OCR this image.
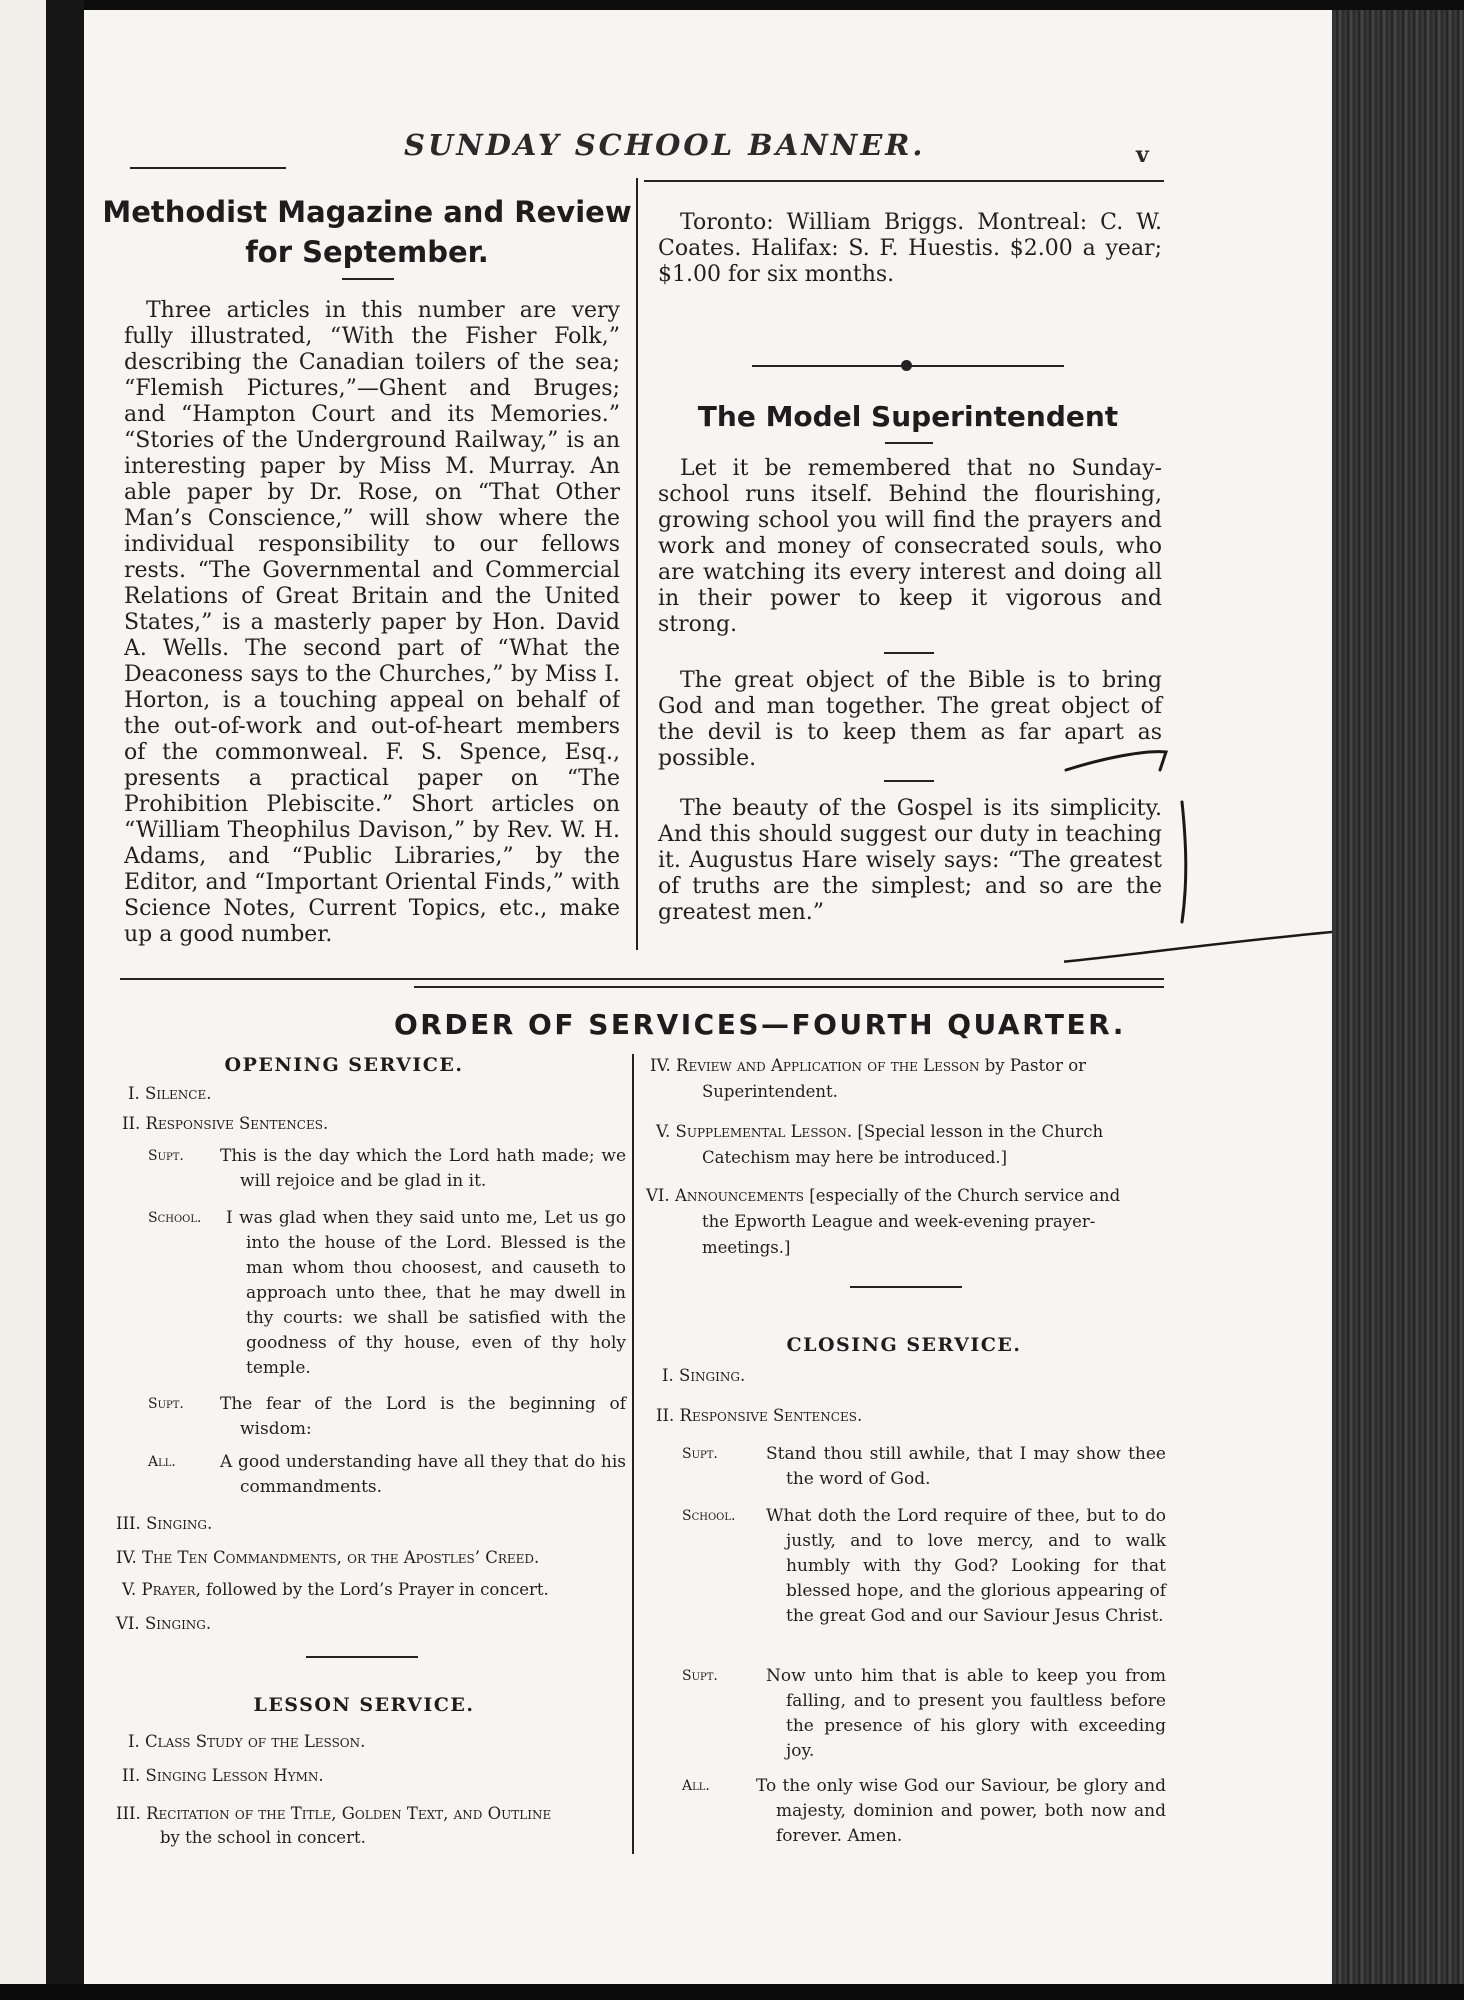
SUNDAY SCHOOL BANNER.	v
Methodist Magazine and Review
for September.

Three articles in this number are very fully illustrated, “With the Fisher Folk,” describing the Canadian toilers of the sea; “Flemish Pictures,”—Ghent and Bruges; and “Hampton Court and its Memories.” “Stories of the Underground Railway,” is an interesting paper by Miss M. Murray. An able paper by Dr. Rose, on “That Other Man’s Conscience,” will show where the individual responsibility to our fellows rests. “The Governmental and Commercial Relations of Great Britain and the United States,” is a masterly paper by Hon. David A. Wells. The second part of “What the Deaconess says to the Churches,” by Miss I. Horton, is a touching appeal on behalf of the out-of-work and out-of-heart members of the commonweal. F. S. Spence, Esq., presents a practical paper on “The Prohibition Plebiscite.” Short articles on “William Theophilus Davison,” by Rev. W. H. Adams, and “Public Libraries,” by the Editor, and “Important Oriental Finds,” with Science Notes, Current Topics, etc., make up a good number.

Toronto: William Briggs. Montreal: C. W. Coates. Halifax: S. F. Huestis. $2.00 a year; $1.00 for six months.

The Model Superintendent

Let it be remembered that no Sunday-school runs itself. Behind the flourishing, growing school you will find the prayers and work and money of consecrated souls, who are watching its every interest and doing all in their power to keep it vigorous and strong.

The great object of the Bible is to bring God and man together. The great object of the devil is to keep them as far apart as possible.

The beauty of the Gospel is its simplicity. And this should suggest our duty in teaching it. Augustus Hare wisely says: “The greatest of truths are the simplest; and so are the greatest men.”

ORDER OF SERVICES—FOURTH QUARTER.
OPENING SERVICE.
I. Silence.
II. Responsive Sentences.
Supt. This is the day which the Lord hath made; we will rejoice and be glad in it.

School. I was glad when they said unto me, Let us go into the house of the Lord. Blessed is the man whom thou choosest, and causeth to approach unto thee, that he may dwell in thy courts: we shall be satisfied with the goodness of thy house, even of thy holy temple.

Supt. The fear of the Lord is the beginning of wisdom:

All.	A good understanding have all they that do his commandments.

III. Singing.
IV. The Ten Commandments, or the Apostles’ Creed.
V. Prayer, followed by the Lord’s Prayer in concert.
VI. Singing.
LESSON SERVICE.
I. Class Study of the Lesson.
II. Singing Lesson Hymn.
III. Recitation of the Title, Golden Text, and Outline
by the school in concert.
IV. Review and Application of the Lesson by Pastor or
Superintendent.
V. Supplemental Lesson. [Special lesson in the Church
Catechism may here be introduced.]
VI. Announcements [especially of the Church service and
the Epworth League and week-evening prayer-
meetings.]
CLOSING SERVICE.
I. Singing.
II. Responsive Sentences.
Supt.	Stand thou still awhile, that I may show thee the word of God.

School. What doth the Lord require of thee, but to do justly, and to love mercy, and to walk humbly with thy God? Looking for that blessed hope, and the glorious appearing of the great God and our Saviour Jesus Christ.

Supt.	Now unto him that is able to keep you from falling, and to present you faultless before the presence of his glory with exceeding joy.

All.	To the only wise God our Saviour, be glory and majesty, dominion and power, both now and forever. Amen.
